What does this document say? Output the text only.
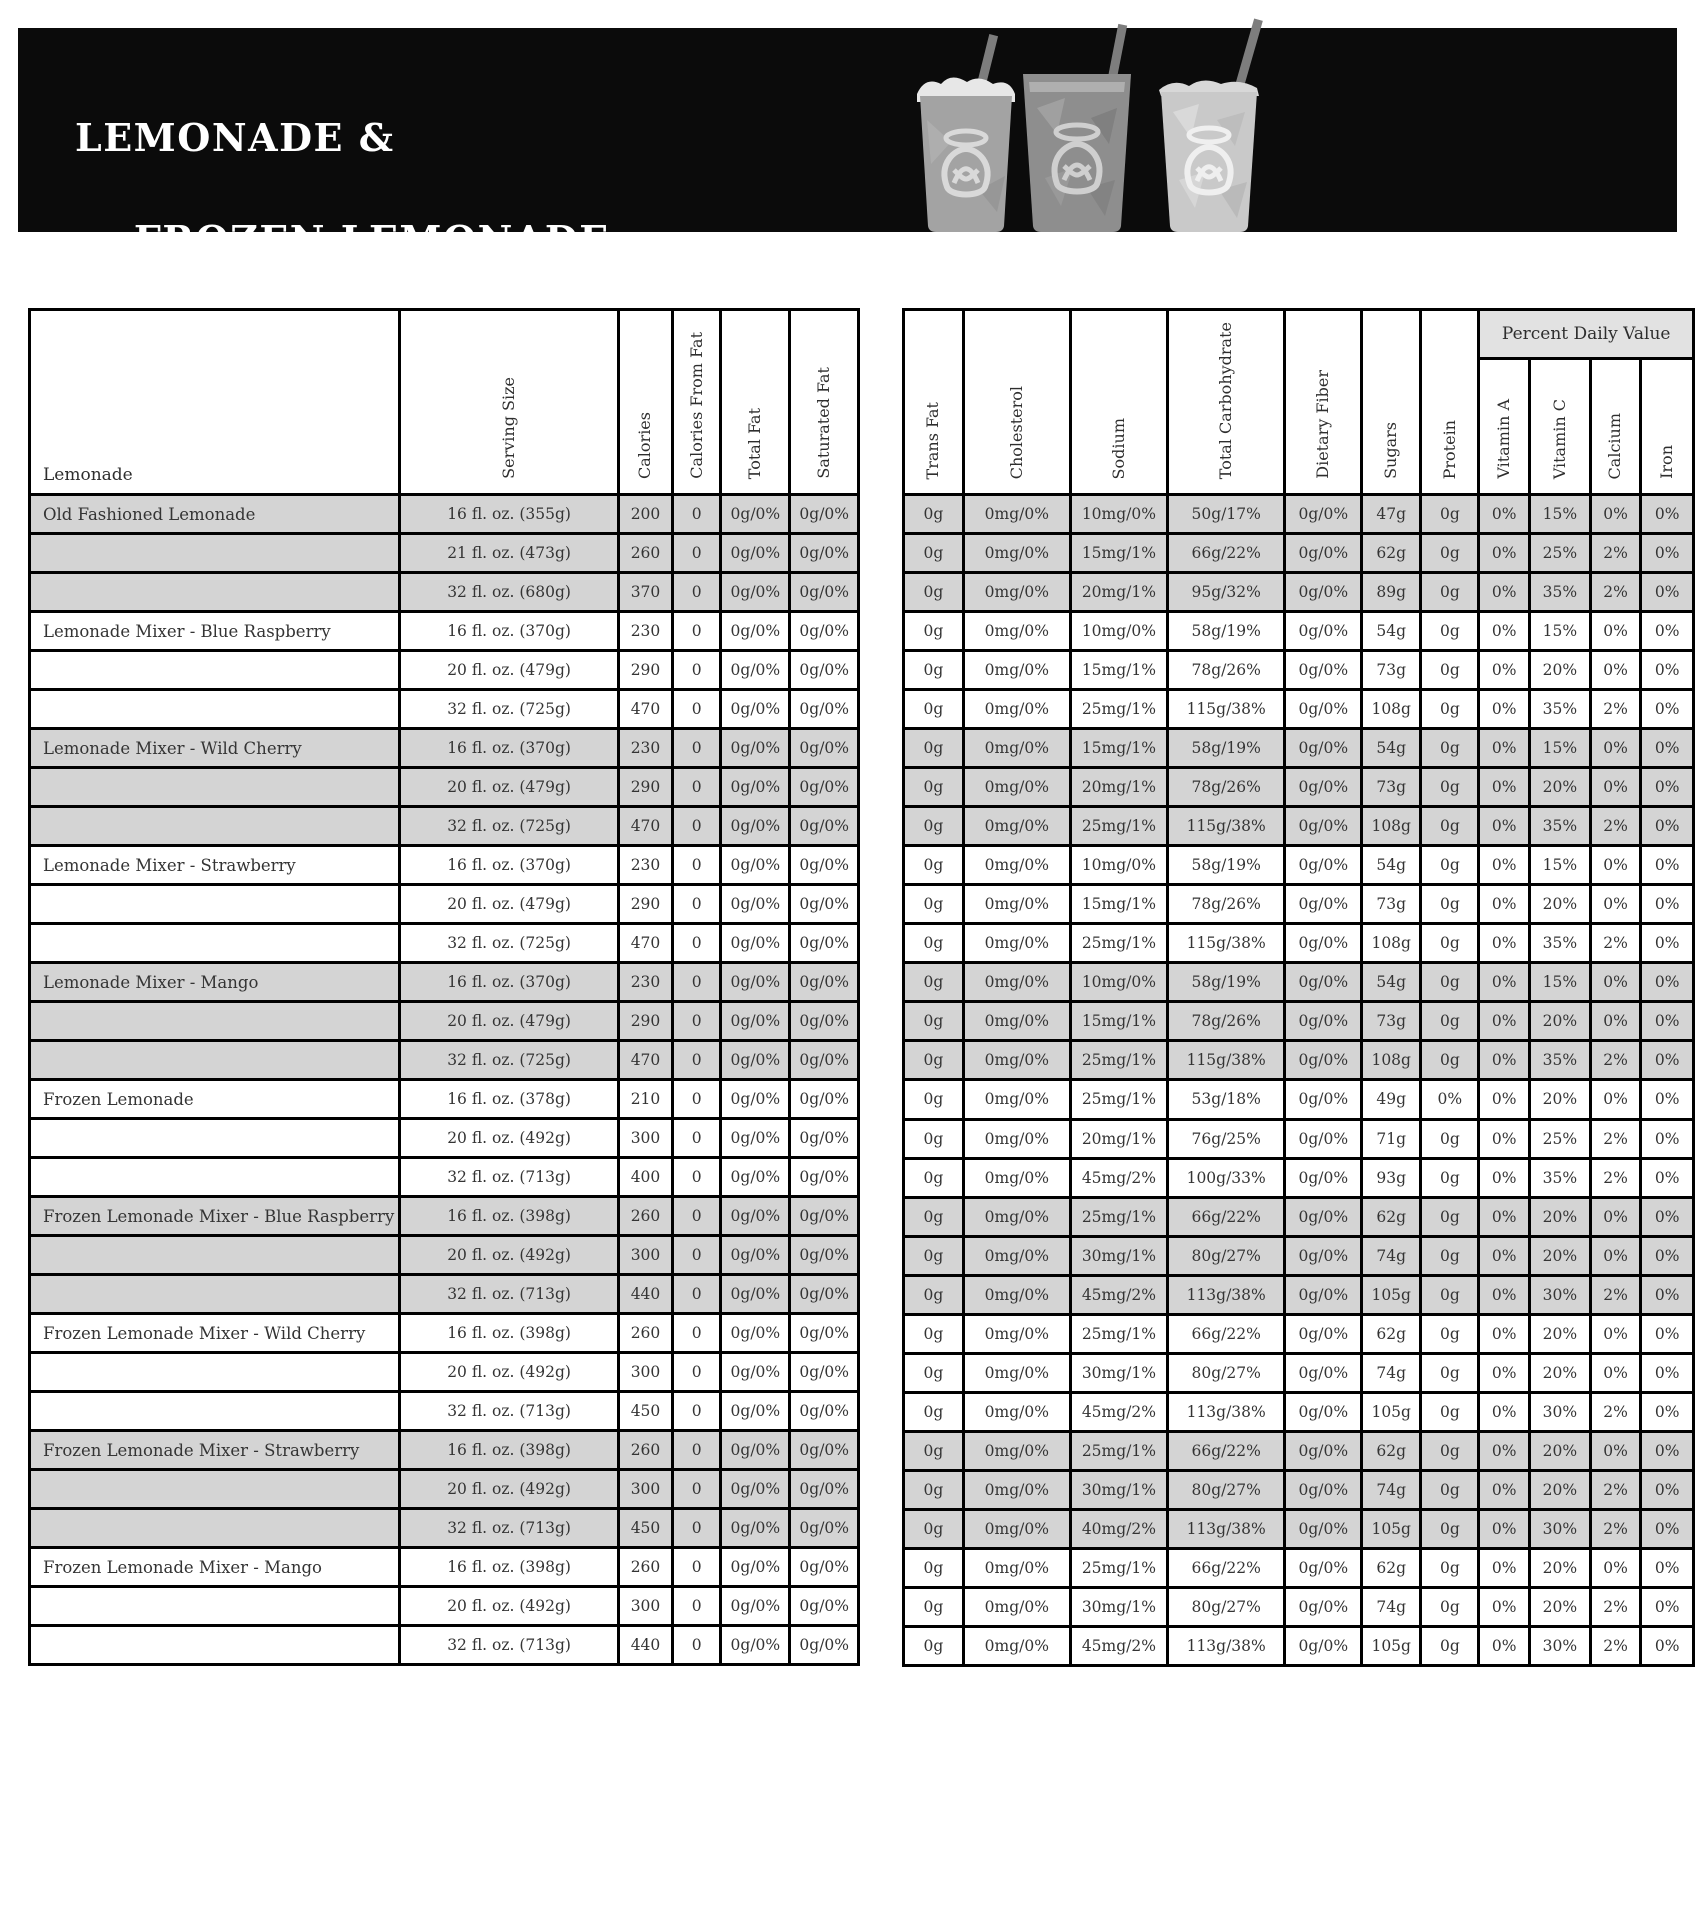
LEMONADE &

FROZEN LEMONADE
Lemonade	Serving Size	Calories	Calories From Fat	Total Fat	Saturated Fat
Old Fashioned Lemonade	16 fl. oz. (355g)	200	0	0g/0%	0g/0%
	21 fl. oz. (473g)	260	0	0g/0%	0g/0%
	32 fl. oz. (680g)	370	0	0g/0%	0g/0%
Lemonade Mixer - Blue Raspberry	16 fl. oz. (370g)	230	0	0g/0%	0g/0%
	20 fl. oz. (479g)	290	0	0g/0%	0g/0%
	32 fl. oz. (725g)	470	0	0g/0%	0g/0%
Lemonade Mixer - Wild Cherry	16 fl. oz. (370g)	230	0	0g/0%	0g/0%
	20 fl. oz. (479g)	290	0	0g/0%	0g/0%
	32 fl. oz. (725g)	470	0	0g/0%	0g/0%
Lemonade Mixer - Strawberry	16 fl. oz. (370g)	230	0	0g/0%	0g/0%
	20 fl. oz. (479g)	290	0	0g/0%	0g/0%
	32 fl. oz. (725g)	470	0	0g/0%	0g/0%
Lemonade Mixer - Mango	16 fl. oz. (370g)	230	0	0g/0%	0g/0%
	20 fl. oz. (479g)	290	0	0g/0%	0g/0%
	32 fl. oz. (725g)	470	0	0g/0%	0g/0%
Frozen Lemonade	16 fl. oz. (378g)	210	0	0g/0%	0g/0%
	20 fl. oz. (492g)	300	0	0g/0%	0g/0%
	32 fl. oz. (713g)	400	0	0g/0%	0g/0%
Frozen Lemonade Mixer - Blue Raspberry	16 fl. oz. (398g)	260	0	0g/0%	0g/0%
	20 fl. oz. (492g)	300	0	0g/0%	0g/0%
	32 fl. oz. (713g)	440	0	0g/0%	0g/0%
Frozen Lemonade Mixer - Wild Cherry	16 fl. oz. (398g)	260	0	0g/0%	0g/0%
	20 fl. oz. (492g)	300	0	0g/0%	0g/0%
	32 fl. oz. (713g)	450	0	0g/0%	0g/0%
Frozen Lemonade Mixer - Strawberry	16 fl. oz. (398g)	260	0	0g/0%	0g/0%
	20 fl. oz. (492g)	300	0	0g/0%	0g/0%
	32 fl. oz. (713g)	450	0	0g/0%	0g/0%
Frozen Lemonade Mixer - Mango	16 fl. oz. (398g)	260	0	0g/0%	0g/0%
	20 fl. oz. (492g)	300	0	0g/0%	0g/0%
	32 fl. oz. (713g)	440	0	0g/0%	0g/0%
Trans Fat	Cholesterol	Sodium	Total Carbohydrate	Dietary Fiber	Sugars	Protein	Percent Daily Value			
							Vitamin A	Vitamin C	Calcium	Iron
0g	0mg/0%	10mg/0%	50g/17%	0g/0%	47g	0g	0%	15%	0%	0%
0g	0mg/0%	15mg/1%	66g/22%	0g/0%	62g	0g	0%	25%	2%	0%
0g	0mg/0%	20mg/1%	95g/32%	0g/0%	89g	0g	0%	35%	2%	0%
0g	0mg/0%	10mg/0%	58g/19%	0g/0%	54g	0g	0%	15%	0%	0%
0g	0mg/0%	15mg/1%	78g/26%	0g/0%	73g	0g	0%	20%	0%	0%
0g	0mg/0%	25mg/1%	115g/38%	0g/0%	108g	0g	0%	35%	2%	0%
0g	0mg/0%	15mg/1%	58g/19%	0g/0%	54g	0g	0%	15%	0%	0%
0g	0mg/0%	20mg/1%	78g/26%	0g/0%	73g	0g	0%	20%	0%	0%
0g	0mg/0%	25mg/1%	115g/38%	0g/0%	108g	0g	0%	35%	2%	0%
0g	0mg/0%	10mg/0%	58g/19%	0g/0%	54g	0g	0%	15%	0%	0%
0g	0mg/0%	15mg/1%	78g/26%	0g/0%	73g	0g	0%	20%	0%	0%
0g	0mg/0%	25mg/1%	115g/38%	0g/0%	108g	0g	0%	35%	2%	0%
0g	0mg/0%	10mg/0%	58g/19%	0g/0%	54g	0g	0%	15%	0%	0%
0g	0mg/0%	15mg/1%	78g/26%	0g/0%	73g	0g	0%	20%	0%	0%
0g	0mg/0%	25mg/1%	115g/38%	0g/0%	108g	0g	0%	35%	2%	0%
0g	0mg/0%	25mg/1%	53g/18%	0g/0%	49g	0%	0%	20%	0%	0%
0g	0mg/0%	20mg/1%	76g/25%	0g/0%	71g	0g	0%	25%	2%	0%
0g	0mg/0%	45mg/2%	100g/33%	0g/0%	93g	0g	0%	35%	2%	0%
0g	0mg/0%	25mg/1%	66g/22%	0g/0%	62g	0g	0%	20%	0%	0%
0g	0mg/0%	30mg/1%	80g/27%	0g/0%	74g	0g	0%	20%	0%	0%
0g	0mg/0%	45mg/2%	113g/38%	0g/0%	105g	0g	0%	30%	2%	0%
0g	0mg/0%	25mg/1%	66g/22%	0g/0%	62g	0g	0%	20%	0%	0%
0g	0mg/0%	30mg/1%	80g/27%	0g/0%	74g	0g	0%	20%	0%	0%
0g	0mg/0%	45mg/2%	113g/38%	0g/0%	105g	0g	0%	30%	2%	0%
0g	0mg/0%	25mg/1%	66g/22%	0g/0%	62g	0g	0%	20%	0%	0%
0g	0mg/0%	30mg/1%	80g/27%	0g/0%	74g	0g	0%	20%	2%	0%
0g	0mg/0%	40mg/2%	113g/38%	0g/0%	105g	0g	0%	30%	2%	0%
0g	0mg/0%	25mg/1%	66g/22%	0g/0%	62g	0g	0%	20%	0%	0%
0g	0mg/0%	30mg/1%	80g/27%	0g/0%	74g	0g	0%	20%	2%	0%
0g	0mg/0%	45mg/2%	113g/38%	0g/0%	105g	0g	0%	30%	2%	0%
